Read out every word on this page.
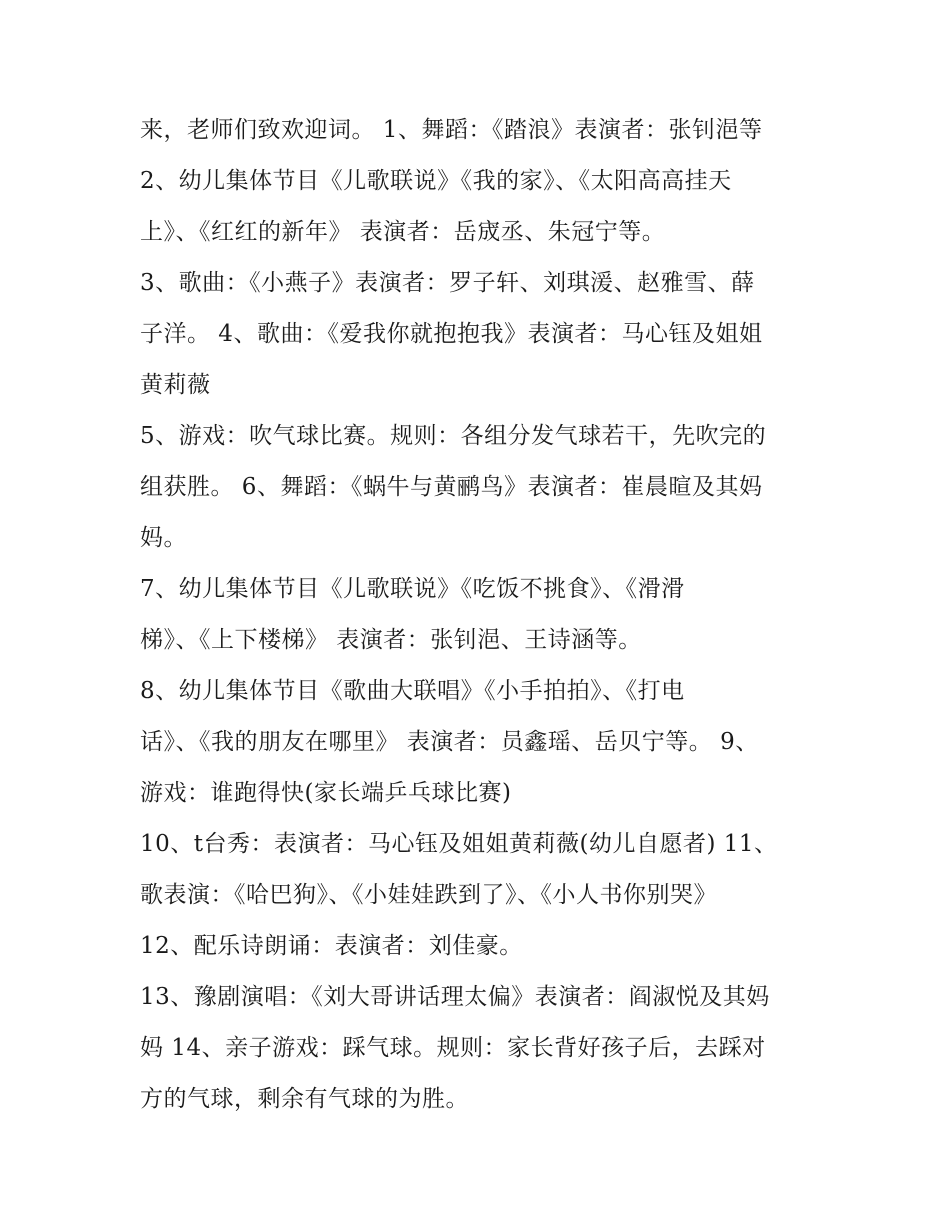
来，老师们致欢迎词。 1、舞蹈：《踏浪》表演者：张钊浥等
2、幼儿集体节目《儿歌联说》《我的家》、《太阳高高挂天
上》、《红红的新年》 表演者：岳宬丞、朱冠宁等。
3、歌曲：《小燕子》表演者：罗子轩、刘琪湲、赵雅雪、薛
子洋。 4、歌曲：《爱我你就抱抱我》表演者：马心钰及姐姐
黄莉薇
5、游戏：吹气球比赛。规则：各组分发气球若干，先吹完的
组获胜。 6、舞蹈：《蜗牛与黄鹂鸟》表演者：崔晨暄及其妈
妈。
7、幼儿集体节目《儿歌联说》《吃饭不挑食》、《滑滑
梯》、《上下楼梯》 表演者：张钊浥、王诗涵等。
8、幼儿集体节目《歌曲大联唱》《小手拍拍》、《打电
话》、《我的朋友在哪里》 表演者：员鑫瑶、岳贝宁等。 9、
游戏：谁跑得快(家长端乒乓球比赛)
10、t台秀：表演者：马心钰及姐姐黄莉薇(幼儿自愿者) 11、
歌表演：《哈巴狗》、《小娃娃跌到了》、《小人书你别哭》
12、配乐诗朗诵：表演者：刘佳豪。
13、豫剧演唱：《刘大哥讲话理太偏》表演者：阎淑悦及其妈
妈 14、亲子游戏：踩气球。规则：家长背好孩子后，去踩对
方的气球，剩余有气球的为胜。
